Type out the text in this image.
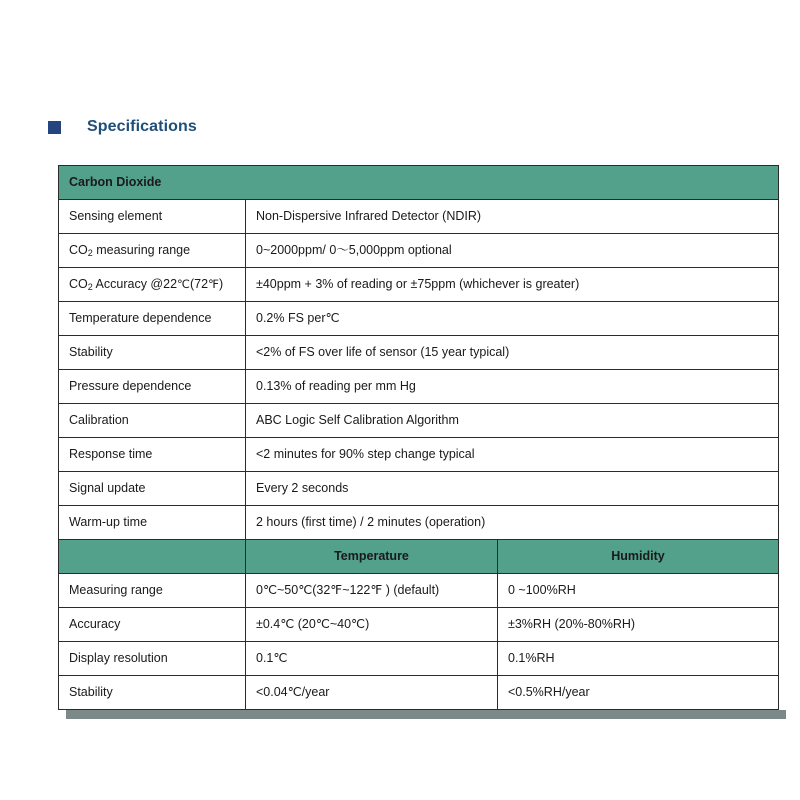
Specifications
Carbon Dioxide		
Sensing element	Non-Dispersive Infrared Detector (NDIR)	
$CO_2$ measuring range	0~2000ppm/ 0〜5,000ppm optional	
$CO_2$ Accuracy @22℃(72℉)	±40ppm + 3% of reading or ±75ppm (whichever is greater)	
Temperature dependence	0.2% FS per℃	
Stability	<2% of FS over life of sensor (15 year typical)	
Pressure dependence	0.13% of reading per mm Hg	
Calibration	ABC Logic Self Calibration Algorithm	
Response time	<2 minutes for 90% step change typical	
Signal update	Every 2 seconds	
Warm-up time	2 hours (first time) / 2 minutes (operation)	
	Temperature	Humidity
Measuring range	0℃~50℃(32℉~122℉ ) (default)	0 ~100%RH
Accuracy	±0.4℃ (20℃~40℃)	±3%RH (20%-80%RH)
Display resolution	0.1℃	0.1%RH
Stability	<0.04℃/year	<0.5%RH/year
